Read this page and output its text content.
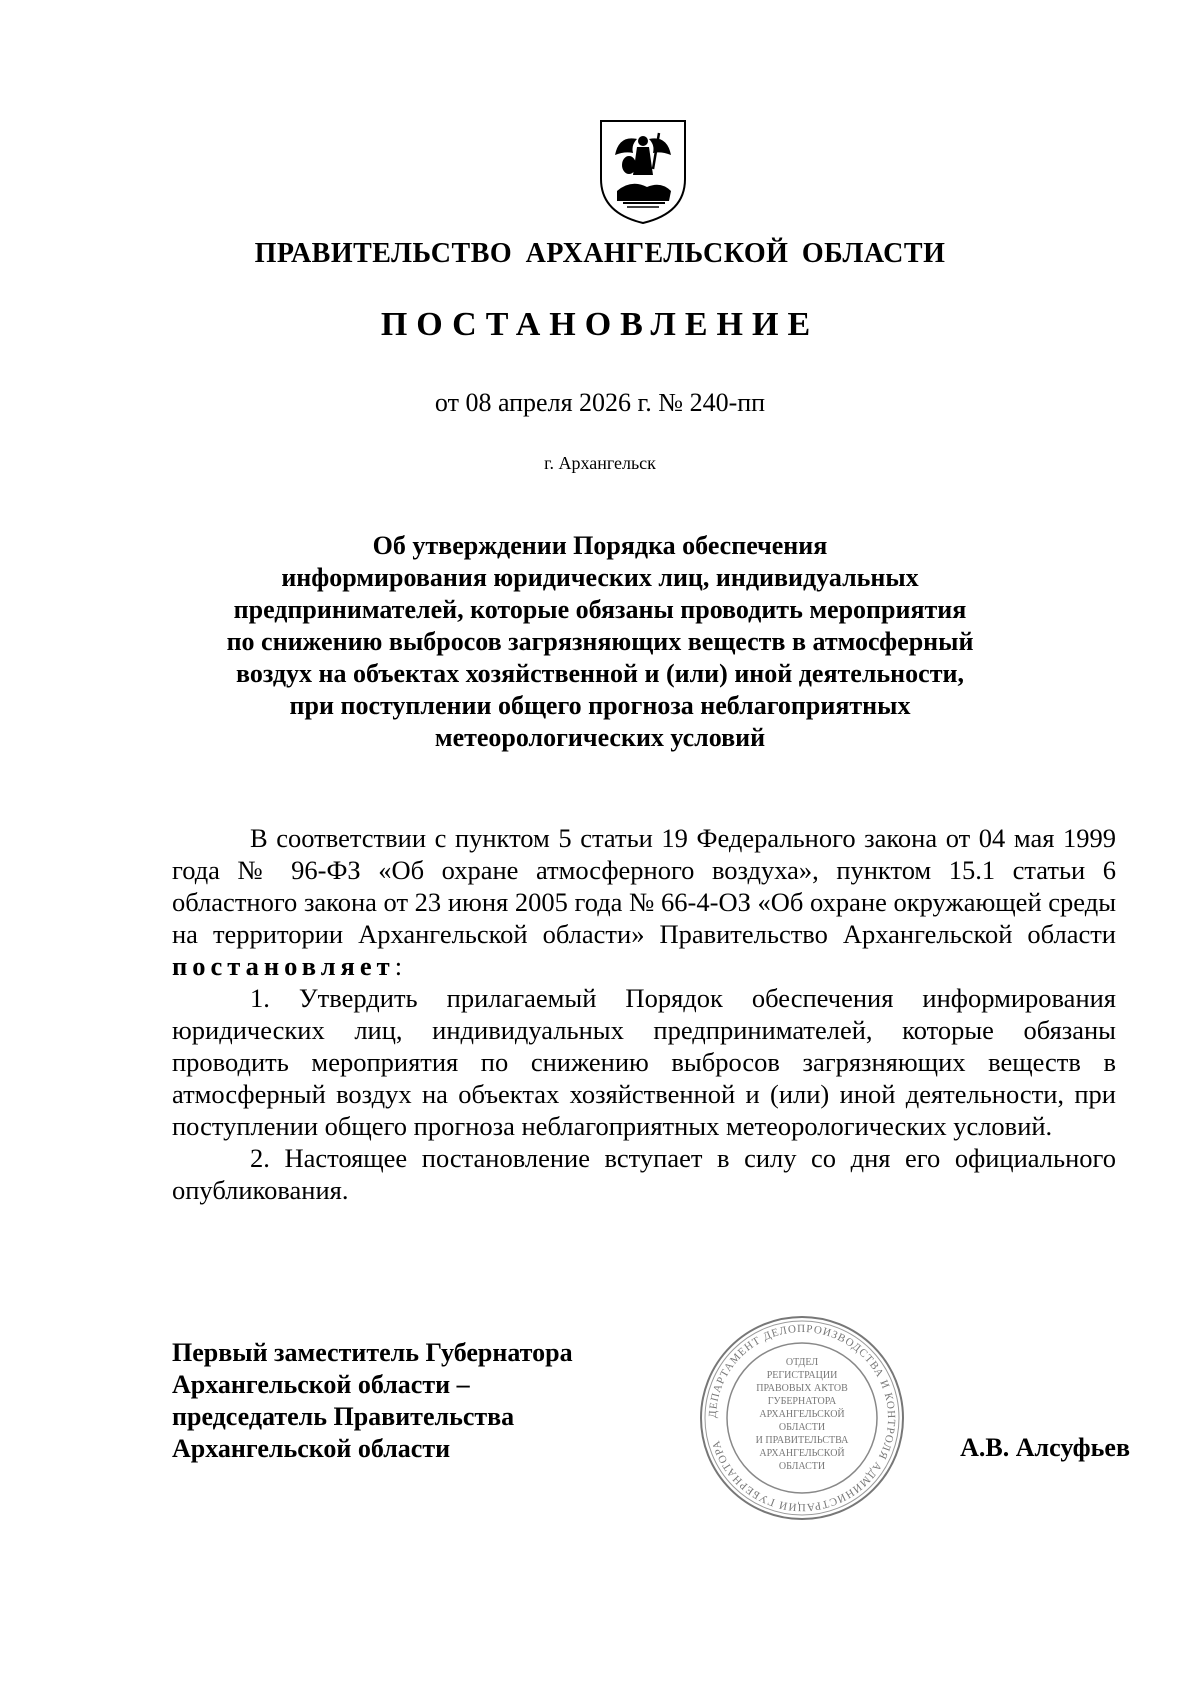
ПРАВИТЕЛЬСТВО АРХАНГЕЛЬСКОЙ ОБЛАСТИ
ПОСТАНОВЛЕНИЕ
от 08 апреля 2026 г. № 240-пп
г. Архангельск
Об утверждении Порядка обеспечения
информирования юридических лиц, индивидуальных
предпринимателей, которые обязаны проводить мероприятия
по снижению выбросов загрязняющих веществ в атмосферный
воздух на объектах хозяйственной и (или) иной деятельности,
при поступлении общего прогноза неблагоприятных
метеорологических условий

В соответствии с пунктом 5 статьи 19 Федерального закона от 04 мая 1999 года № 96-ФЗ «Об охране атмосферного воздуха», пунктом 15.1 статьи 6 областного закона от 23 июня 2005 года № 66-4-ОЗ «Об охране окружающей среды на территории Архангельской области» Правительство Архангельской области постановляет:

1. Утвердить прилагаемый Порядок обеспечения информирования юридических лиц, индивидуальных предпринимателей, которые обязаны проводить мероприятия по снижению выбросов загрязняющих веществ в атмосферный воздух на объектах хозяйственной и (или) иной деятельности, при поступлении общего прогноза неблагоприятных метеорологических условий.

2. Настоящее постановление вступает в силу со дня его официального опубликования.

Первый заместитель Губернатора
Архангельской области –
председатель Правительства
Архангельской области
ДЕПАРТАМЕНТ ДЕЛОПРОИЗВОДСТВА И КОНТРОЛЯ АДМИНИСТРАЦИИ ГУБЕРНАТОРА
ОТДЕЛ
РЕГИСТРАЦИИ
ПРАВОВЫХ АКТОВ
ГУБЕРНАТОРА
АРХАНГЕЛЬСКОЙ
ОБЛАСТИ
И ПРАВИТЕЛЬСТВА
АРХАНГЕЛЬСКОЙ
ОБЛАСТИ
А.В. Алсуфьев
